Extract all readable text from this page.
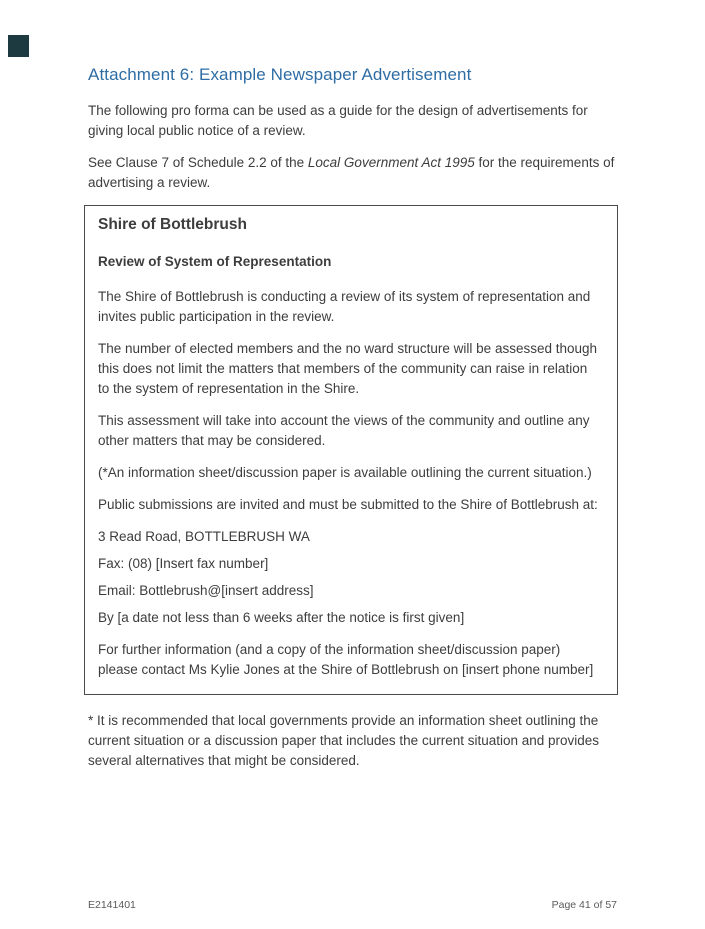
Attachment 6: Example Newspaper Advertisement

The following pro forma can be used as a guide for the design of advertisements for giving local public notice of a review.

See Clause 7 of Schedule 2.2 of the Local Government Act 1995 for the requirements of advertising a review.

Shire of Bottlebrush
Review of System of Representation

The Shire of Bottlebrush is conducting a review of its system of representation and invites public participation in the review.

The number of elected members and the no ward structure will be assessed though this does not limit the matters that members of the community can raise in relation to the system of representation in the Shire.

This assessment will take into account the views of the community and outline any other matters that may be considered.

(*An information sheet/discussion paper is available outlining the current situation.)

Public submissions are invited and must be submitted to the Shire of Bottlebrush at:

3 Read Road, BOTTLEBRUSH WA

Fax: (08) [Insert fax number]

Email: Bottlebrush@[insert address]

By [a date not less than 6 weeks after the notice is first given]

For further information (and a copy of the information sheet/discussion paper) please contact Ms Kylie Jones at the Shire of Bottlebrush on [insert phone number]

* It is recommended that local governments provide an information sheet outlining the current situation or a discussion paper that includes the current situation and provides several alternatives that might be considered.

E2141401	Page 41 of 57
